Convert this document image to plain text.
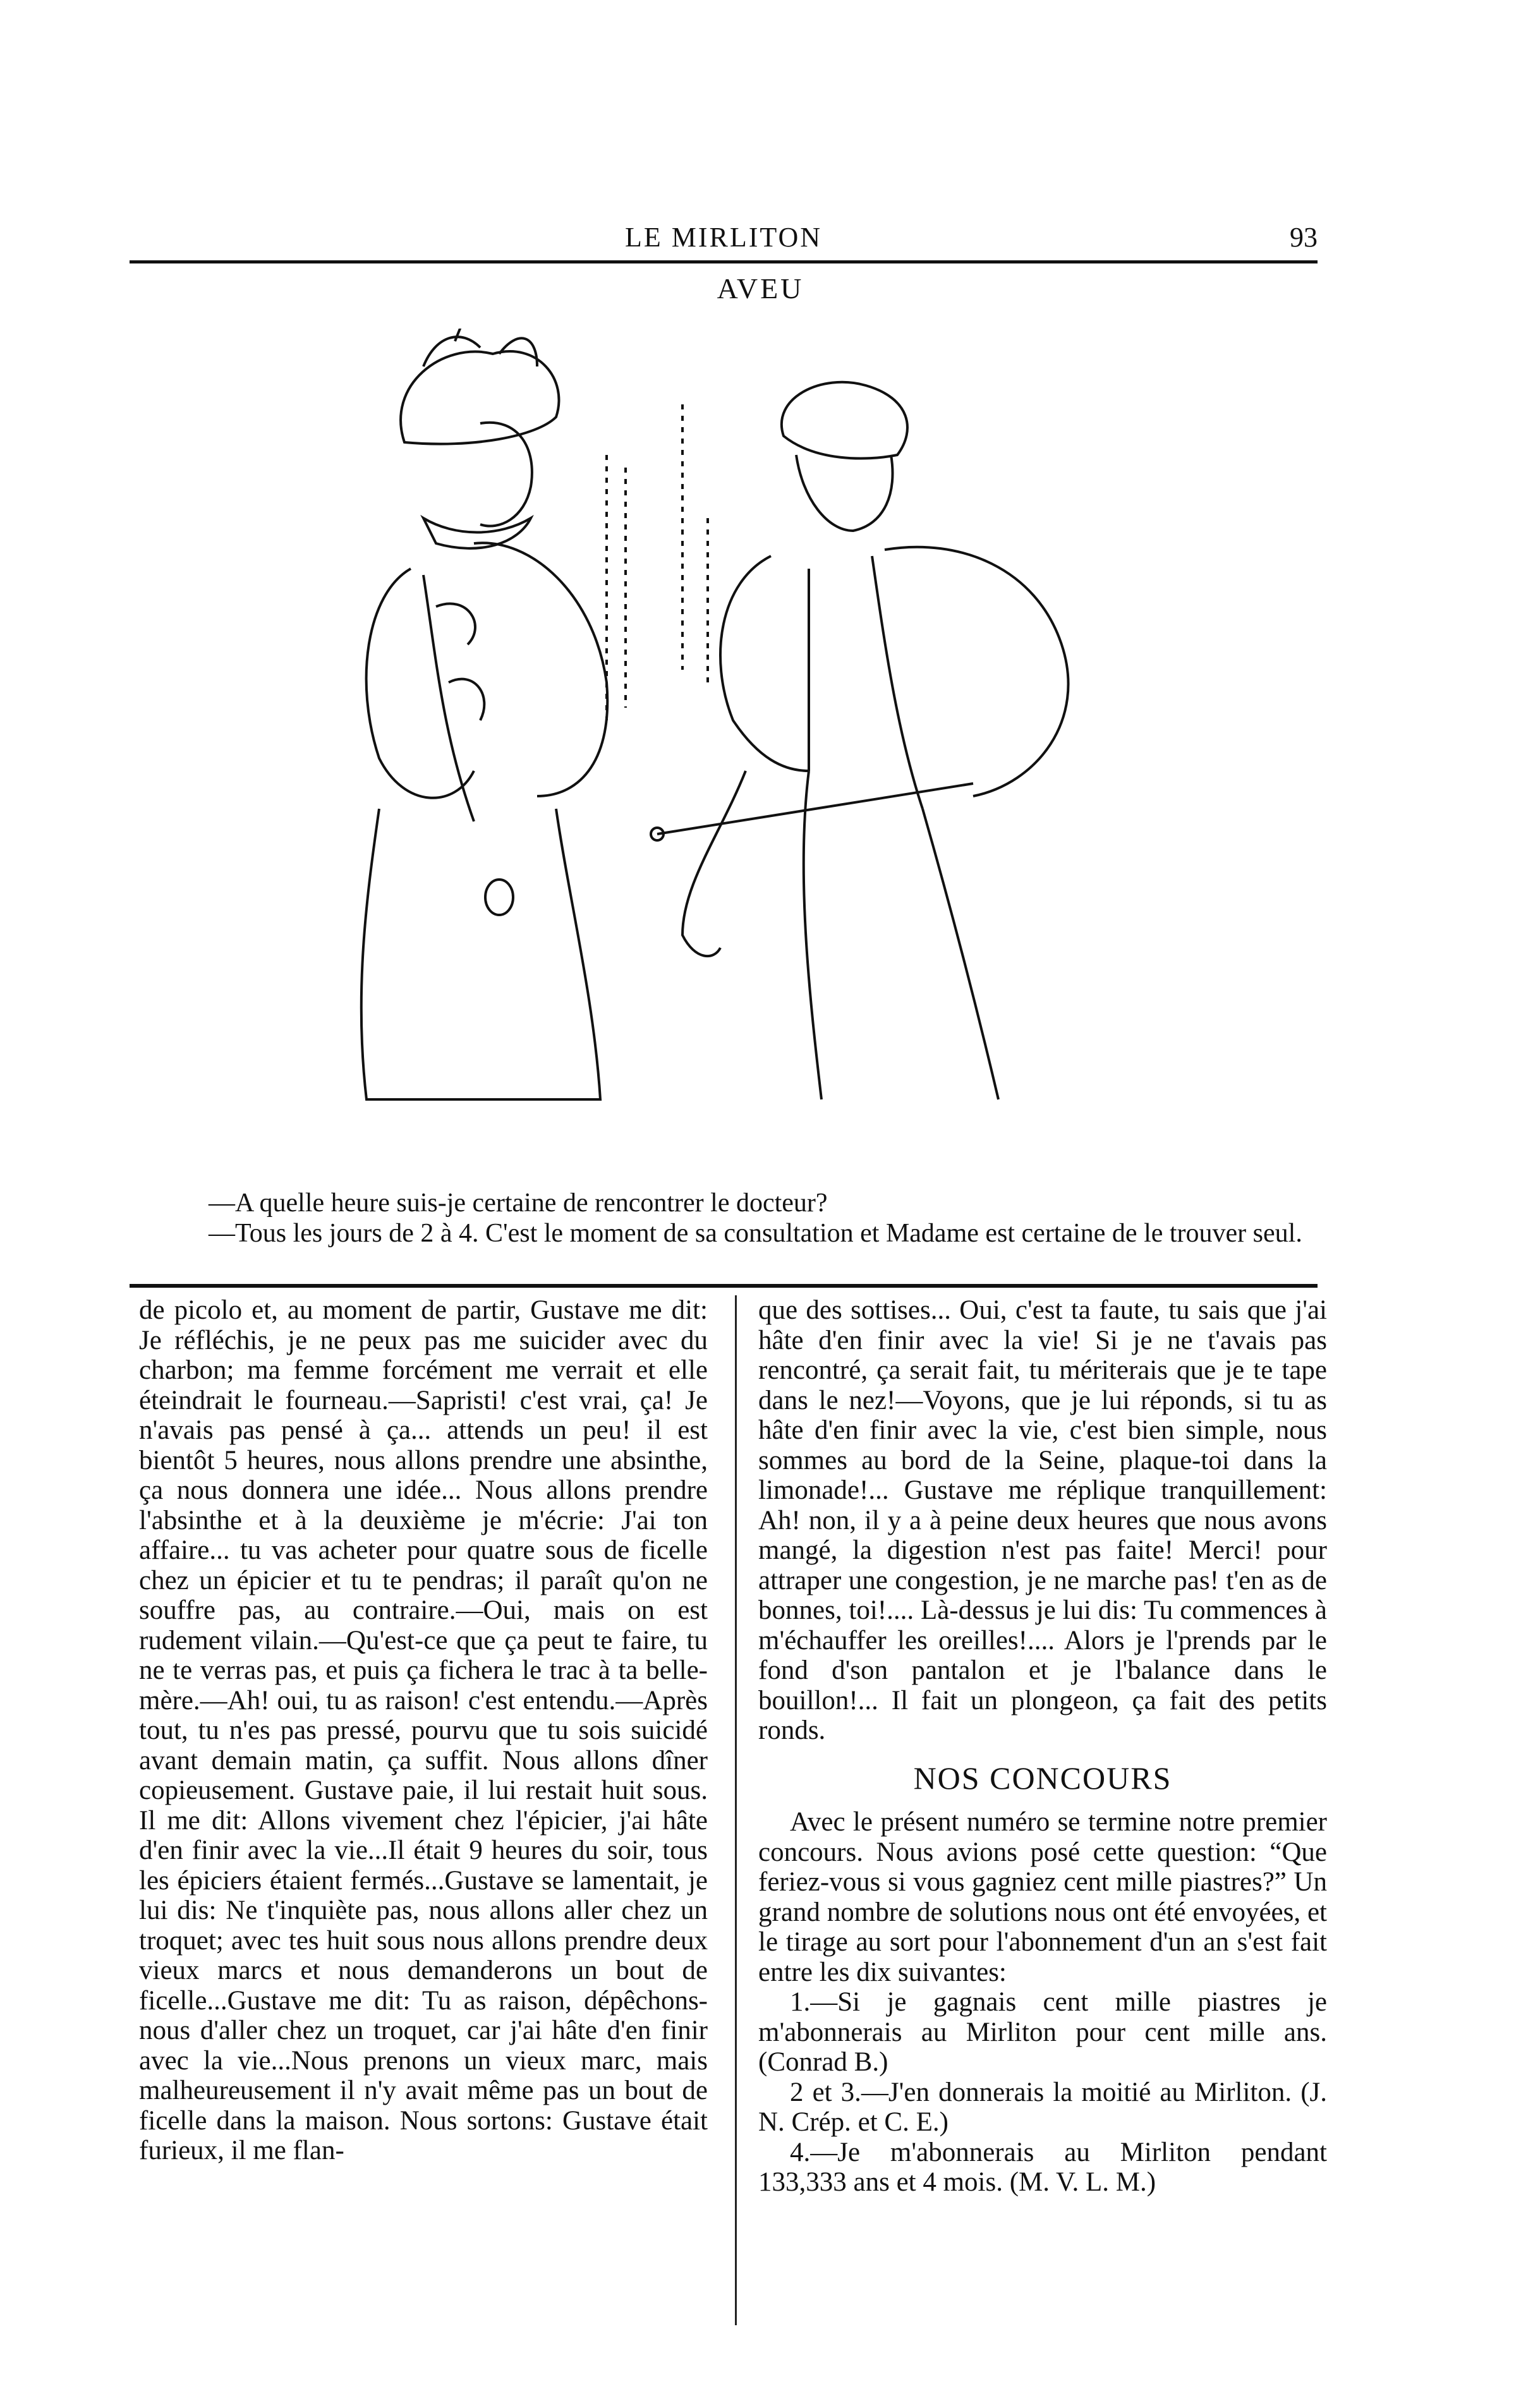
LE MIRLITON	93
AVEU

—A quelle heure suis-je certaine de rencontrer le docteur?

—Tous les jours de 2 à 4. C'est le moment de sa consultation et Madame est certaine de le trouver seul.

de picolo et, au moment de partir, Gustave me dit: Je réfléchis, je ne peux pas me suicider avec du charbon; ma femme forcément me verrait et elle éteindrait le fourneau.—Sapristi! c'est vrai, ça! Je n'avais pas pensé à ça... attends un peu! il est bientôt 5 heures, nous allons prendre une absinthe, ça nous donnera une idée... Nous allons prendre l'absinthe et à la deuxième je m'écrie: J'ai ton affaire... tu vas acheter pour quatre sous de ficelle chez un épicier et tu te pendras; il paraît qu'on ne souffre pas, au contraire.—Oui, mais on est rudement vilain.—Qu'est-ce que ça peut te faire, tu ne te verras pas, et puis ça fichera le trac à ta belle-mère.—Ah! oui, tu as raison! c'est entendu.—Après tout, tu n'es pas pressé, pourvu que tu sois suicidé avant demain matin, ça suffit. Nous allons dîner copieusement. Gustave paie, il lui restait huit sous. Il me dit: Allons vivement chez l'épicier, j'ai hâte d'en finir avec la vie...Il était 9 heures du soir, tous les épiciers étaient fermés...Gustave se lamentait, je lui dis: Ne t'inquiète pas, nous allons aller chez un troquet; avec tes huit sous nous allons prendre deux vieux marcs et nous demanderons un bout de ficelle...Gustave me dit: Tu as raison, dépêchons-nous d'aller chez un troquet, car j'ai hâte d'en finir avec la vie...Nous prenons un vieux marc, mais malheureusement il n'y avait même pas un bout de ficelle dans la maison. Nous sortons: Gustave était furieux, il me flan-

que des sottises... Oui, c'est ta faute, tu sais que j'ai hâte d'en finir avec la vie! Si je ne t'avais pas rencontré, ça serait fait, tu mériterais que je te tape dans le nez!—Voyons, que je lui réponds, si tu as hâte d'en finir avec la vie, c'est bien simple, nous sommes au bord de la Seine, plaque-toi dans la limonade!... Gustave me réplique tranquillement: Ah! non, il y a à peine deux heures que nous avons mangé, la digestion n'est pas faite! Merci! pour attraper une congestion, je ne marche pas! t'en as de bonnes, toi!.... Là-dessus je lui dis: Tu commences à m'échauffer les oreilles!.... Alors je l'prends par le fond d'son pantalon et je l'balance dans le bouillon!... Il fait un plongeon, ça fait des petits ronds.

NOS CONCOURS

Avec le présent numéro se termine notre premier concours. Nous avions posé cette question: “Que feriez-vous si vous gagniez cent mille piastres?” Un grand nombre de solutions nous ont été envoyées, et le tirage au sort pour l'abonnement d'un an s'est fait entre les dix suivantes:

1.—Si je gagnais cent mille piastres je m'abonnerais au Mirliton pour cent mille ans. (Conrad B.)

2 et 3.—J'en donnerais la moitié au Mirliton. (J. N. Crép. et C. E.)

4.—Je m'abonnerais au Mirliton pendant 133,333 ans et 4 mois. (M. V. L. M.)
